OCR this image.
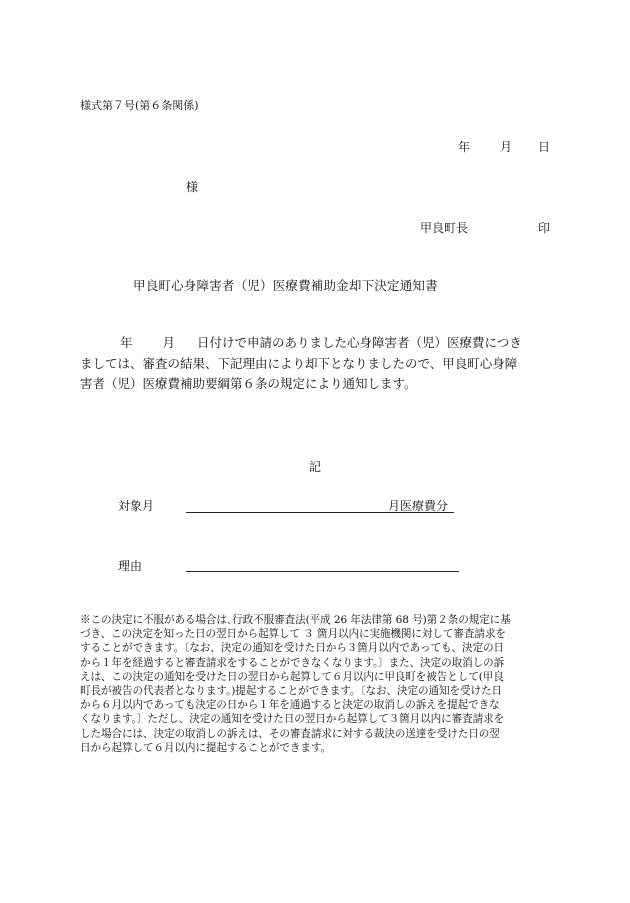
様式第７号(第６条関係)
年	月 日
様
甲良町長	印
甲良町心身障害者（児）医療費補助金却下決定通知書

年 月 日付けで申請のありました心身障害者（児）医療費につき

ましては、審査の結果、下記理由により却下となりましたので、甲良町心身障

害者（児）医療費補助要綱第６条の規定により通知します。

記
対象月	月医療費分
理由

※この決定に不服がある場合は､行政不服審査法(平成 26 年法律第 68 号)第２条の規定に基

づき、この決定を知った日の翌日から起算して ３ 箇月以内に実施機関に対して審査請求を

することができます。〔なお、決定の通知を受けた日から３箇月以内であっても、決定の日

から１年を経過すると審査請求をすることができなくなります。〕また、決定の取消しの訴

えは、この決定の通知を受けた日の翌日から起算して６月以内に甲良町を被告として(甲良

町長が被告の代表者となります。)提起することができます。〔なお、決定の通知を受けた日

から６月以内であっても決定の日から１年を通過すると決定の取消しの訴えを提起できな

くなります。〕ただし、決定の通知を受けた日の翌日から起算して３箇月以内に審査請求を

した場合には、決定の取消しの訴えは、その審査請求に対する裁決の送達を受けた日の翌

日から起算して６月以内に提起することができます。
